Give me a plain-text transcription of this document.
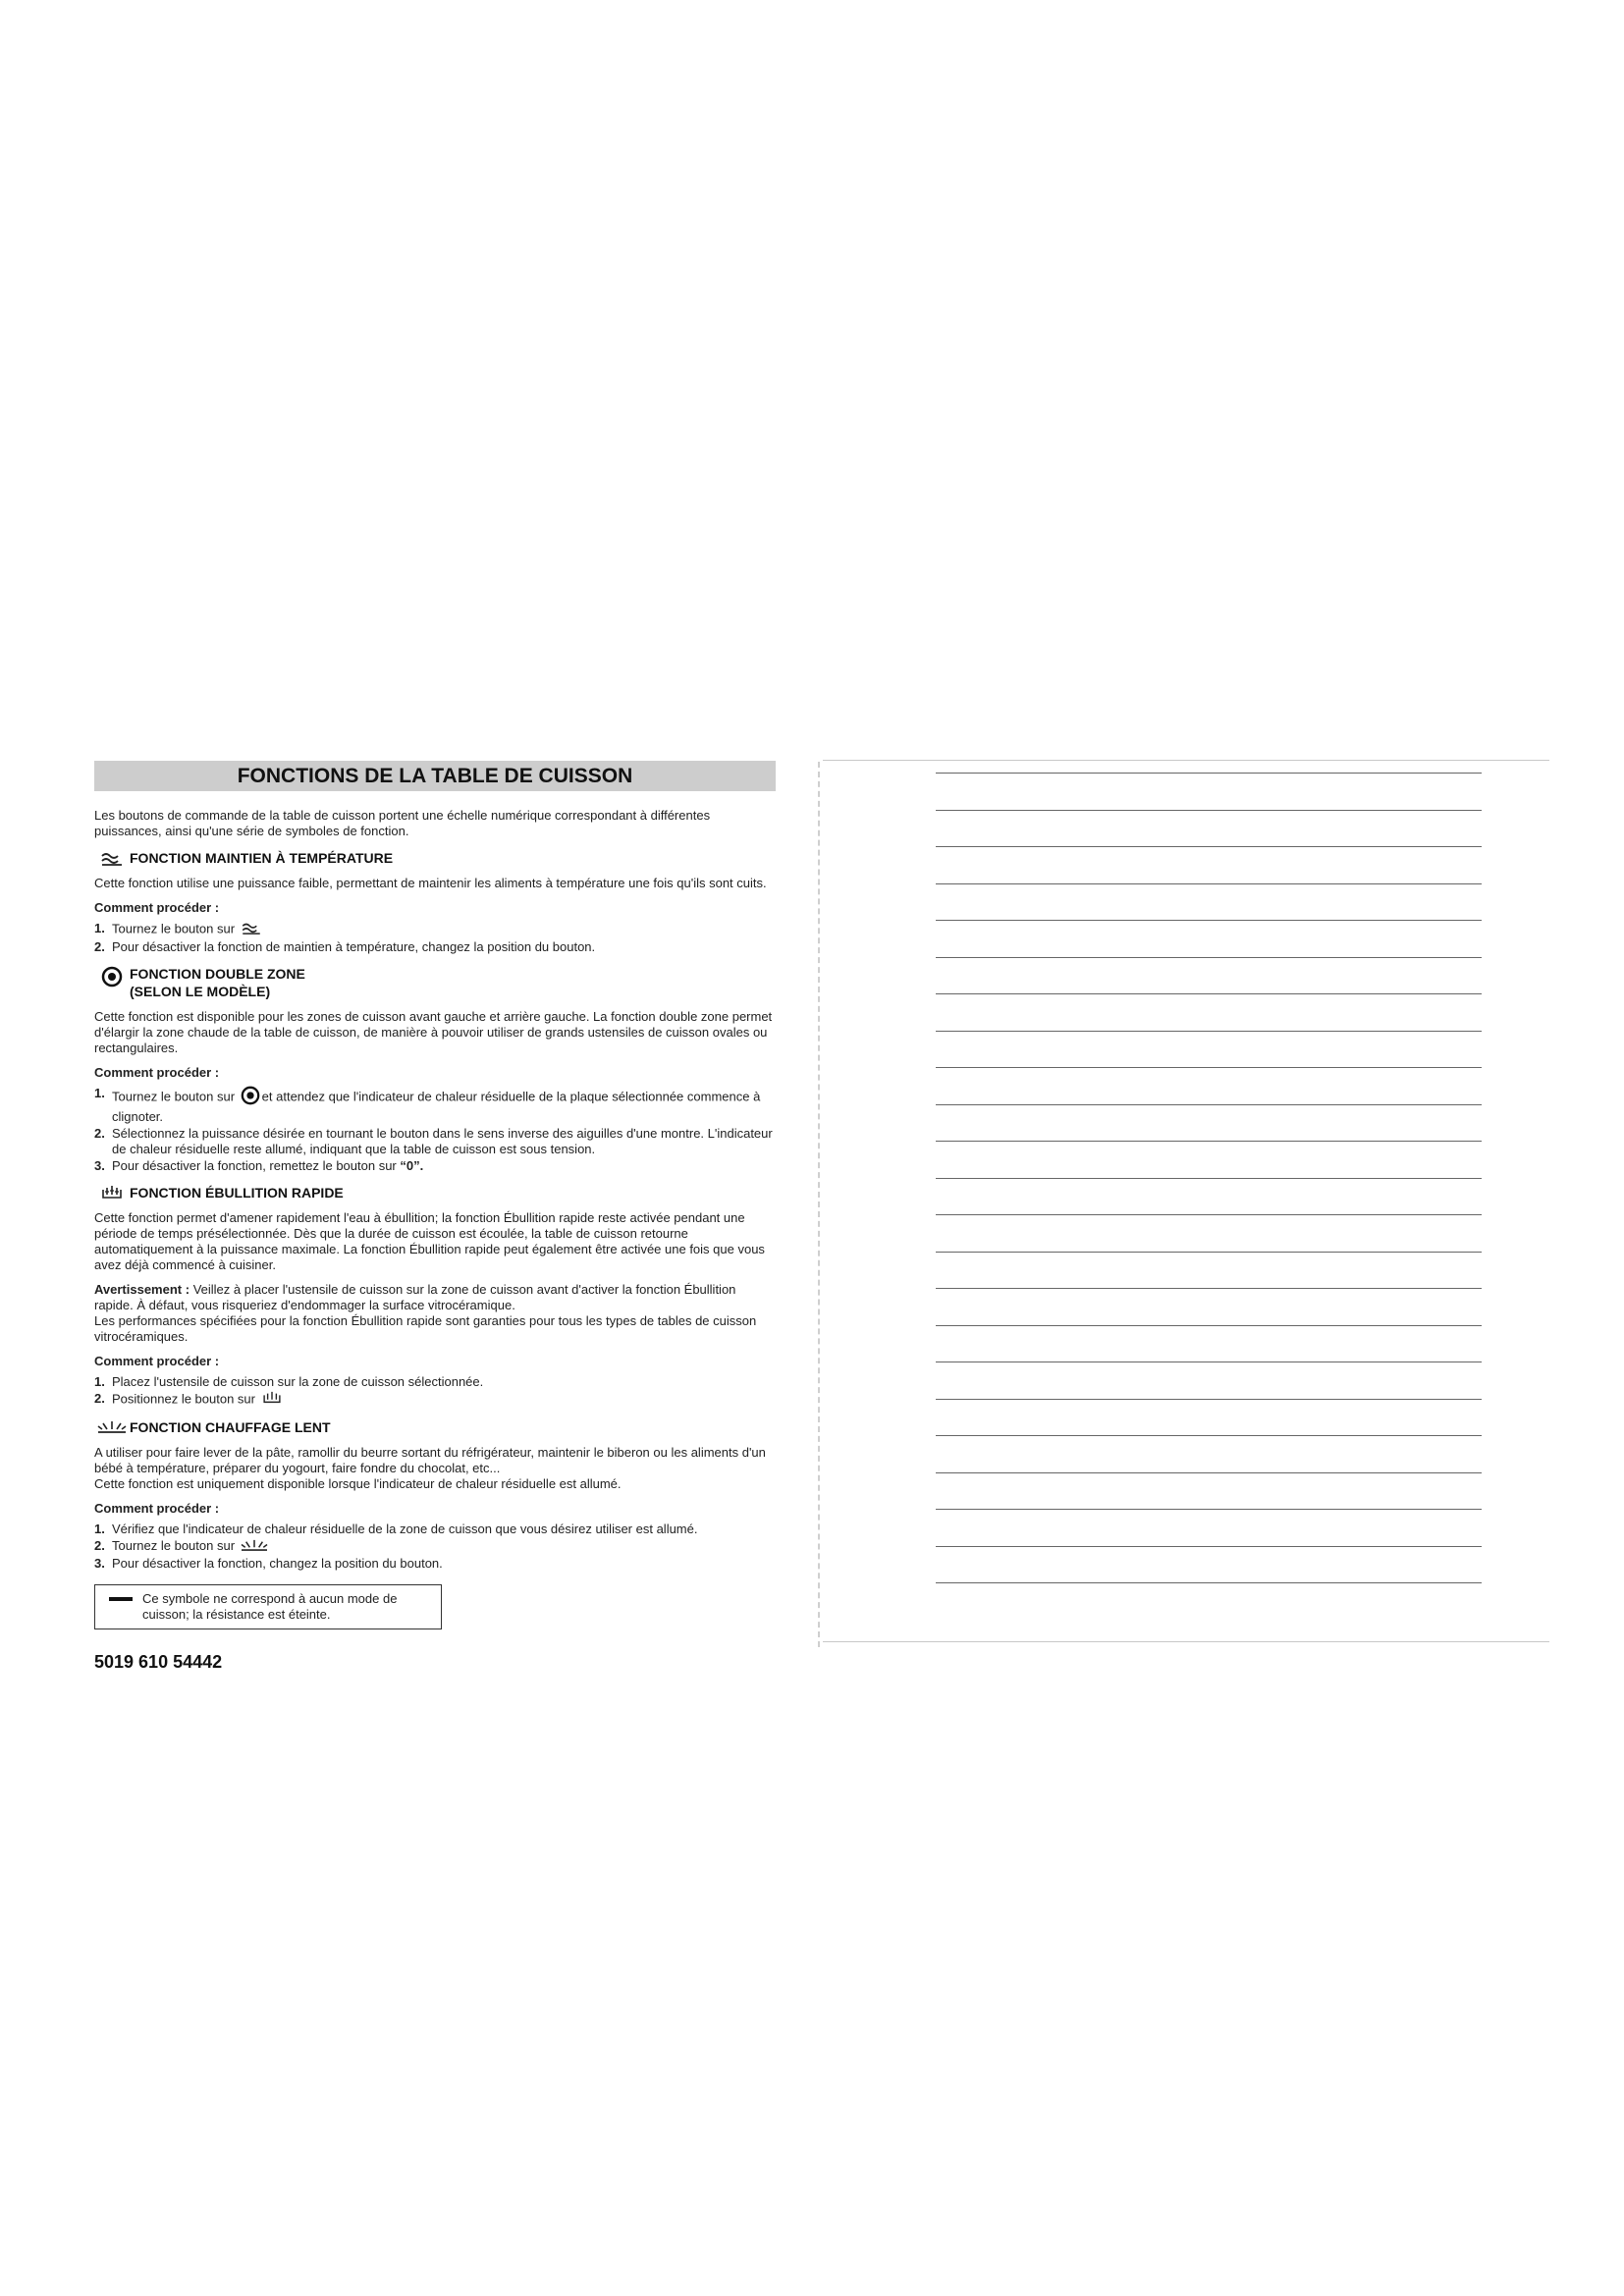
FONCTIONS DE LA TABLE DE CUISSON

Les boutons de commande de la table de cuisson portent une échelle numérique correspondant à différentes puissances, ainsi qu'une série de symboles de fonction.

FONCTION MAINTIEN À TEMPÉRATURE

Cette fonction utilise une puissance faible, permettant de maintenir les aliments à température une fois qu'ils sont cuits.

Comment procéder :

1. Tournez le bouton sur
2. Pour désactiver la fonction de maintien à température, changez la position du bouton.
FONCTION DOUBLE ZONE
(SELON LE MODÈLE)

Cette fonction est disponible pour les zones de cuisson avant gauche et arrière gauche. La fonction double zone permet d'élargir la zone chaude de la table de cuisson, de manière à pouvoir utiliser de grands ustensiles de cuisson ovales ou rectangulaires.

Comment procéder :

1. Tournez le bouton sur et attendez que l'indicateur de chaleur résiduelle de la plaque sélectionnée commence à clignoter.
2. Sélectionnez la puissance désirée en tournant le bouton dans le sens inverse des aiguilles d'une montre. L'indicateur de chaleur résiduelle reste allumé, indiquant que la table de cuisson est sous tension.
3. Pour désactiver la fonction, remettez le bouton sur “0”.
FONCTION ÉBULLITION RAPIDE

Cette fonction permet d'amener rapidement l'eau à ébullition; la fonction Ébullition rapide reste activée pendant une période de temps présélectionnée. Dès que la durée de cuisson est écoulée, la table de cuisson retourne automatiquement à la puissance maximale. La fonction Ébullition rapide peut également être activée une fois que vous avez déjà commencé à cuisiner.

Avertissement : Veillez à placer l'ustensile de cuisson sur la zone de cuisson avant d'activer la fonction Ébullition rapide. À défaut, vous risqueriez d'endommager la surface vitrocéramique.

Les performances spécifiées pour la fonction Ébullition rapide sont garanties pour tous les types de tables de cuisson vitrocéramiques.

Comment procéder :

1. Placez l'ustensile de cuisson sur la zone de cuisson sélectionnée.
2. Positionnez le bouton sur
FONCTION CHAUFFAGE LENT

A utiliser pour faire lever de la pâte, ramollir du beurre sortant du réfrigérateur, maintenir le biberon ou les aliments d'un bébé à température, préparer du yogourt, faire fondre du chocolat, etc...

Cette fonction est uniquement disponible lorsque l'indicateur de chaleur résiduelle est allumé.

Comment procéder :

1. Vérifiez que l'indicateur de chaleur résiduelle de la zone de cuisson que vous désirez utiliser est allumé.
2. Tournez le bouton sur
3. Pour désactiver la fonction, changez la position du bouton.
Ce symbole ne correspond à aucun mode de cuisson; la résistance est éteinte.
5019 610 54442
